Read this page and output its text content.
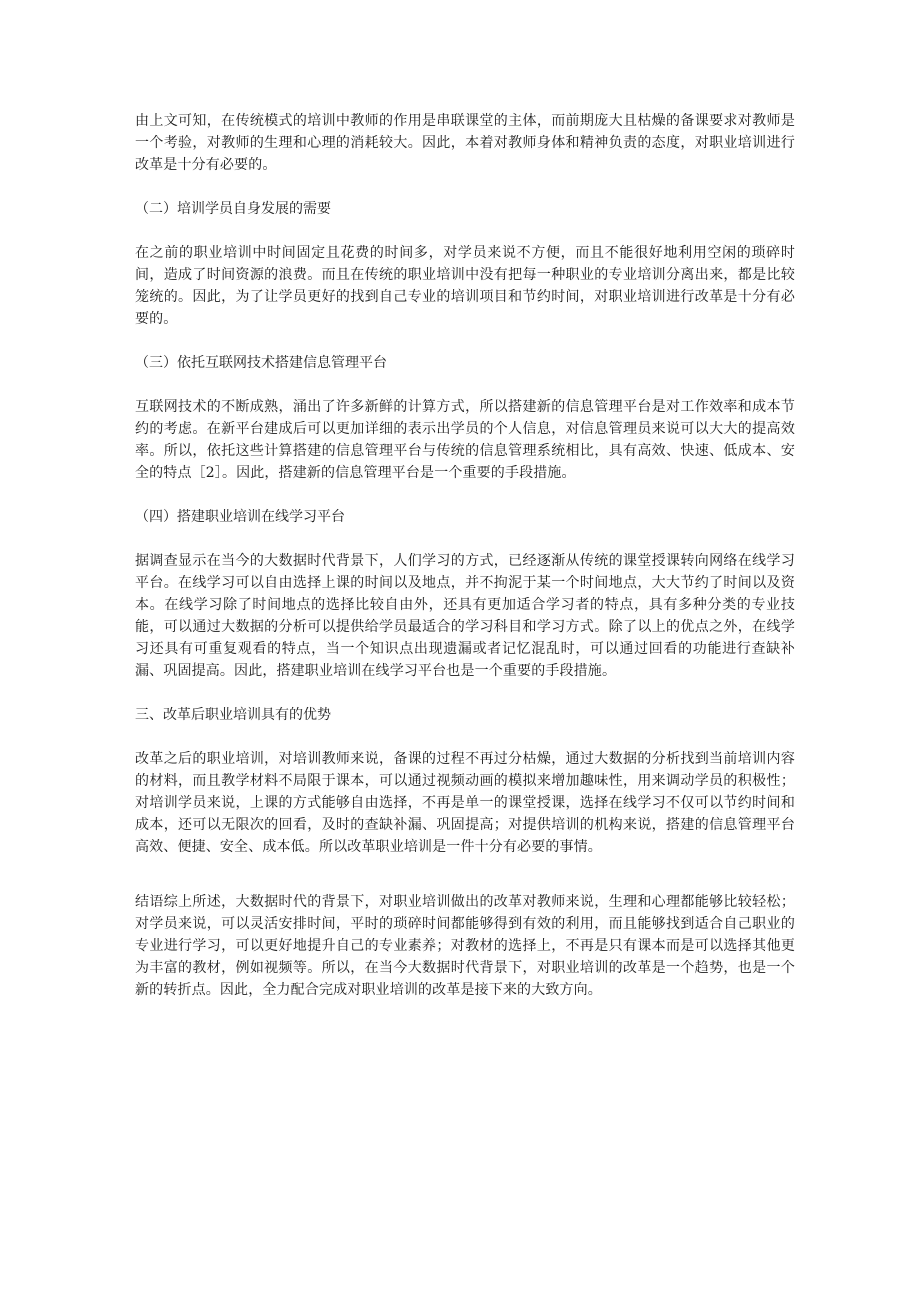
由上文可知，在传统模式的培训中教师的作用是串联课堂的主体，而前期庞大且枯燥的备课要求对教师是一个考验，对教师的生理和心理的消耗较大。因此，本着对教师身体和精神负责的态度，对职业培训进行改革是十分有必要的。

（二）培训学员自身发展的需要

在之前的职业培训中时间固定且花费的时间多，对学员来说不方便，而且不能很好地利用空闲的琐碎时间，造成了时间资源的浪费。而且在传统的职业培训中没有把每一种职业的专业培训分离出来，都是比较笼统的。因此，为了让学员更好的找到自己专业的培训项目和节约时间，对职业培训进行改革是十分有必要的。

（三）依托互联网技术搭建信息管理平台

互联网技术的不断成熟，涌出了许多新鲜的计算方式，所以搭建新的信息管理平台是对工作效率和成本节约的考虑。在新平台建成后可以更加详细的表示出学员的个人信息，对信息管理员来说可以大大的提高效率。所以，依托这些计算搭建的信息管理平台与传统的信息管理系统相比，具有高效、快速、低成本、安全的特点［2］。因此，搭建新的信息管理平台是一个重要的手段措施。

（四）搭建职业培训在线学习平台

据调查显示在当今的大数据时代背景下，人们学习的方式，已经逐渐从传统的课堂授课转向网络在线学习平台。在线学习可以自由选择上课的时间以及地点，并不拘泥于某一个时间地点，大大节约了时间以及资本。在线学习除了时间地点的选择比较自由外，还具有更加适合学习者的特点，具有多种分类的专业技能，可以通过大数据的分析可以提供给学员最适合的学习科目和学习方式。除了以上的优点之外，在线学习还具有可重复观看的特点，当一个知识点出现遗漏或者记忆混乱时，可以通过回看的功能进行查缺补漏、巩固提高。因此，搭建职业培训在线学习平台也是一个重要的手段措施。

三、改革后职业培训具有的优势

改革之后的职业培训，对培训教师来说，备课的过程不再过分枯燥，通过大数据的分析找到当前培训内容的材料，而且教学材料不局限于课本，可以通过视频动画的模拟来增加趣味性，用来调动学员的积极性；对培训学员来说，上课的方式能够自由选择，不再是单一的课堂授课，选择在线学习不仅可以节约时间和成本，还可以无限次的回看，及时的查缺补漏、巩固提高；对提供培训的机构来说，搭建的信息管理平台高效、便捷、安全、成本低。所以改革职业培训是一件十分有必要的事情。

结语综上所述，大数据时代的背景下，对职业培训做出的改革对教师来说，生理和心理都能够比较轻松；对学员来说，可以灵活安排时间，平时的琐碎时间都能够得到有效的利用，而且能够找到适合自己职业的专业进行学习，可以更好地提升自己的专业素养；对教材的选择上，不再是只有课本而是可以选择其他更为丰富的教材，例如视频等。所以，在当今大数据时代背景下，对职业培训的改革是一个趋势，也是一个新的转折点。因此，全力配合完成对职业培训的改革是接下来的大致方向。
